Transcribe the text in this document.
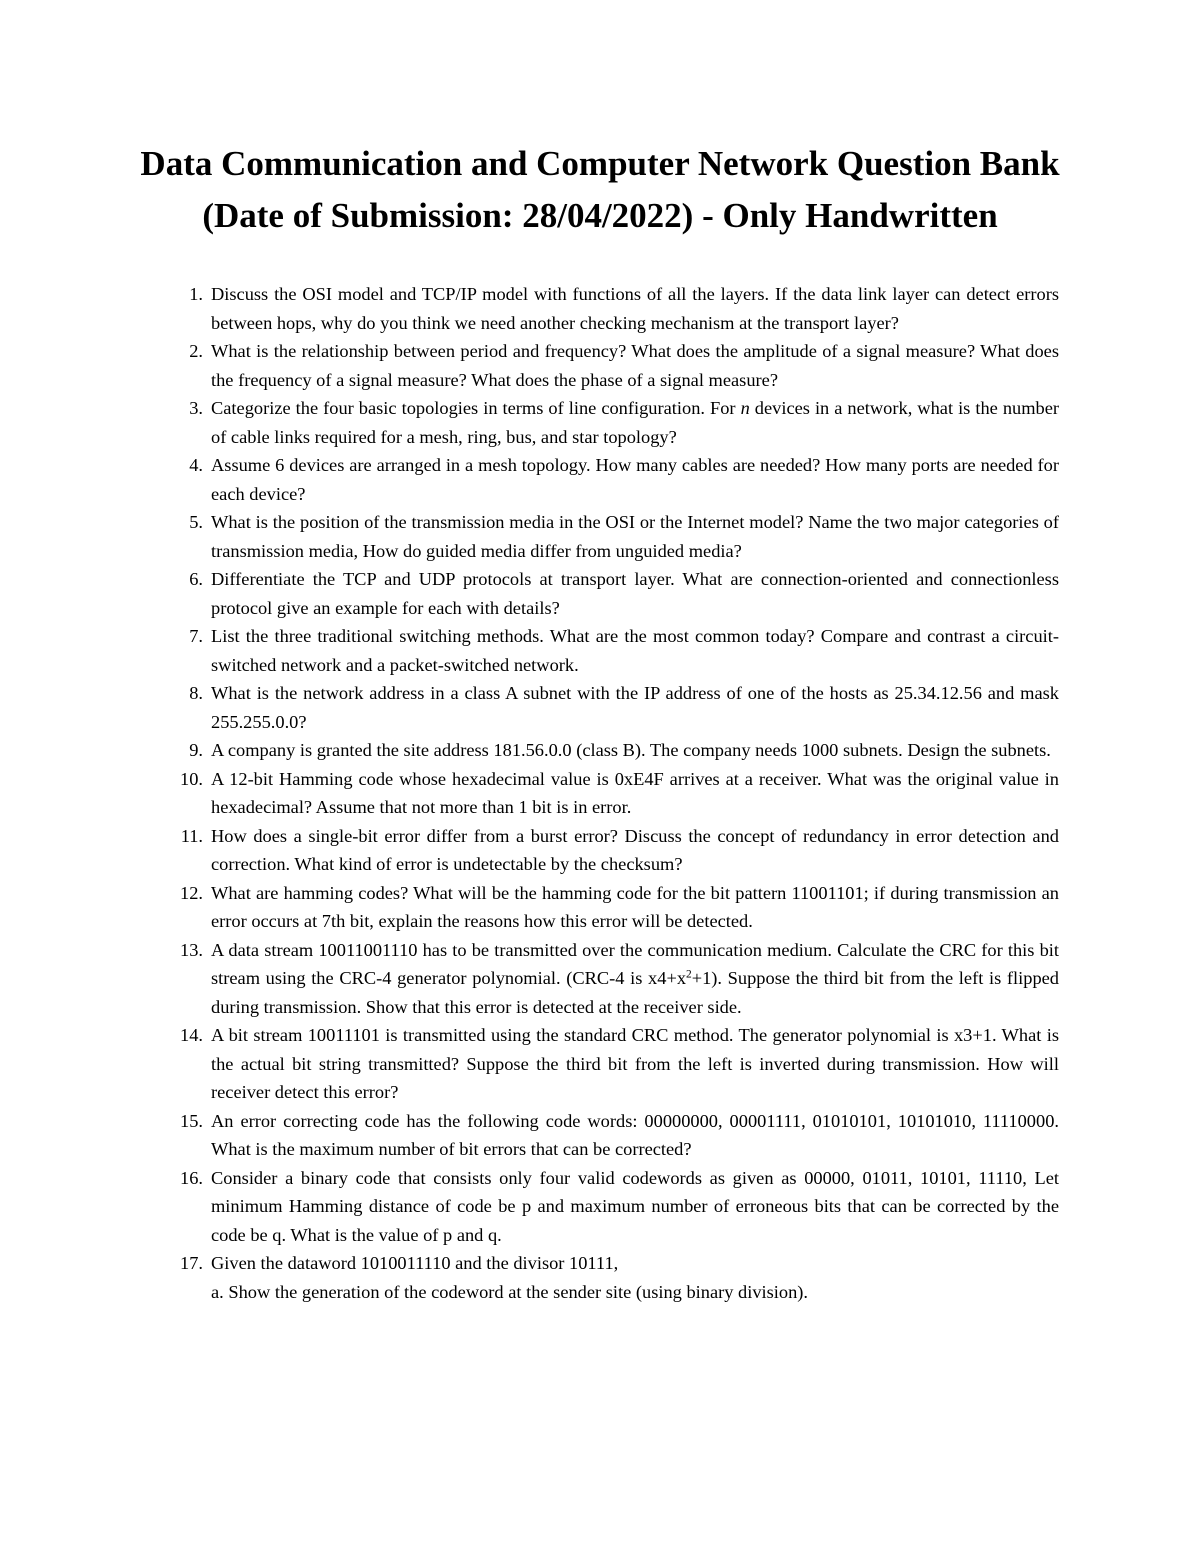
Data Communication and Computer Network Question Bank (Date of Submission: 28/04/2022) - Only Handwritten
1. Discuss the OSI model and TCP/IP model with functions of all the layers. If the data link layer can detect errors between hops, why do you think we need another checking mechanism at the transport layer?
2. What is the relationship between period and frequency? What does the amplitude of a signal measure? What does the frequency of a signal measure? What does the phase of a signal measure?
3. Categorize the four basic topologies in terms of line configuration. For n devices in a network, what is the number of cable links required for a mesh, ring, bus, and star topology?
4. Assume 6 devices are arranged in a mesh topology. How many cables are needed? How many ports are needed for each device?
5. What is the position of the transmission media in the OSI or the Internet model? Name the two major categories of transmission media, How do guided media differ from unguided media?
6. Differentiate the TCP and UDP protocols at transport layer. What are connection-oriented and connectionless protocol give an example for each with details?
7. List the three traditional switching methods. What are the most common today? Compare and contrast a circuit-switched network and a packet-switched network.
8. What is the network address in a class A subnet with the IP address of one of the hosts as 25.34.12.56 and mask 255.255.0.0?
9. A company is granted the site address 181.56.0.0 (class B). The company needs 1000 subnets. Design the subnets.
10. A 12-bit Hamming code whose hexadecimal value is 0xE4F arrives at a receiver. What was the original value in hexadecimal? Assume that not more than 1 bit is in error.
11. How does a single-bit error differ from a burst error? Discuss the concept of redundancy in error detection and correction. What kind of error is undetectable by the checksum?
12. What are hamming codes? What will be the hamming code for the bit pattern 11001101; if during transmission an error occurs at 7th bit, explain the reasons how this error will be detected.
13. A data stream 10011001110 has to be transmitted over the communication medium. Calculate the CRC for this bit stream using the CRC-4 generator polynomial. (CRC-4 is $x4+x^2+1$). Suppose the third bit from the left is flipped during transmission. Show that this error is detected at the receiver side.
14. A bit stream 10011101 is transmitted using the standard CRC method. The generator polynomial is x3+1. What is the actual bit string transmitted? Suppose the third bit from the left is inverted during transmission. How will receiver detect this error?
15. An error correcting code has the following code words: 00000000, 00001111, 01010101, 10101010, 11110000. What is the maximum number of bit errors that can be corrected?
16. Consider a binary code that consists only four valid codewords as given as 00000, 01011, 10101, 11110, Let minimum Hamming distance of code be p and maximum number of erroneous bits that can be corrected by the code be q. What is the value of p and q.
17. Given the dataword 1010011110 and the divisor 10111,
a. Show the generation of the codeword at the sender site (using binary division).
